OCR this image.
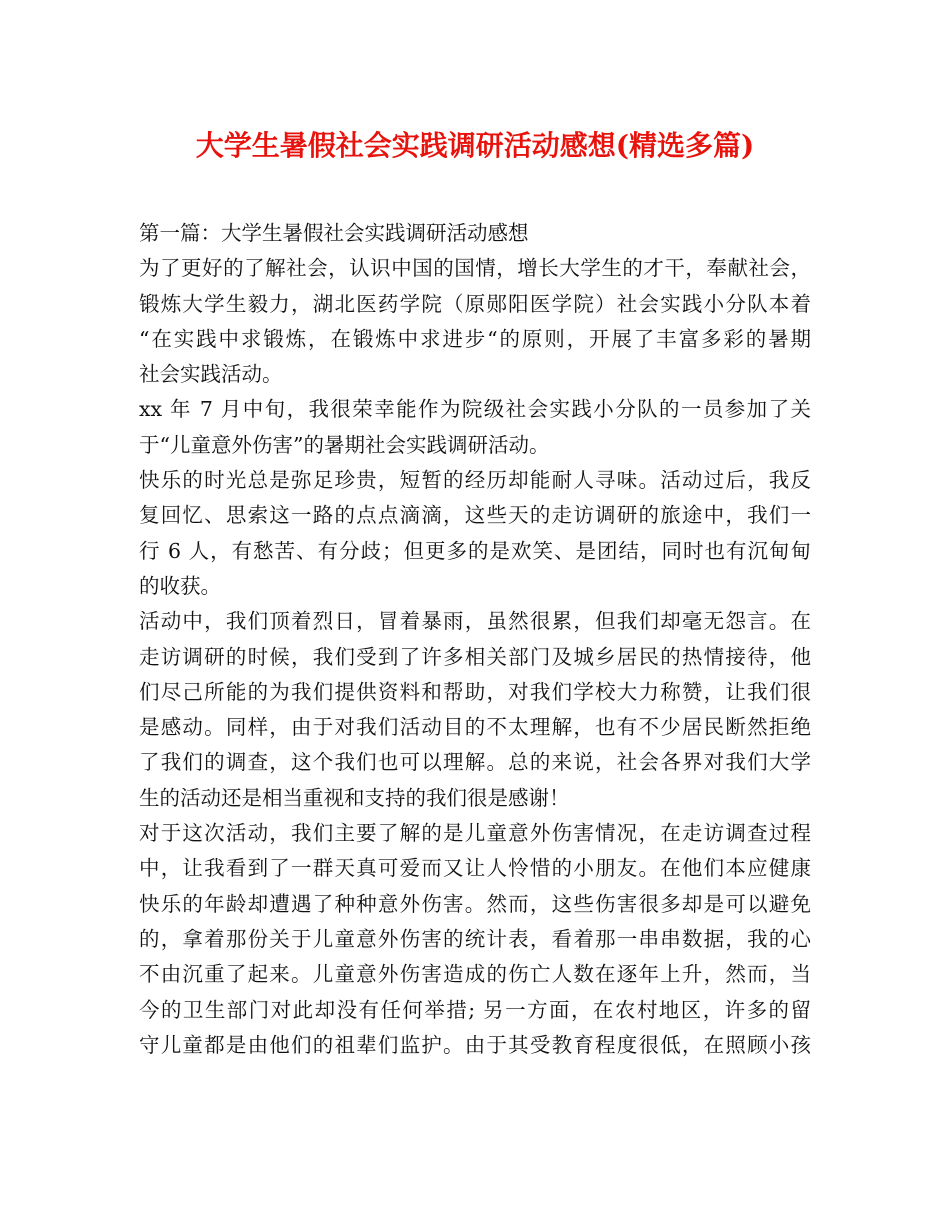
大学生暑假社会实践调研活动感想(精选多篇)
第一篇：大学生暑假社会实践调研活动感想
为了更好的了解社会，认识中国的国情，增长大学生的才干，奉献社会，
锻炼大学生毅力，湖北医药学院（原郧阳医学院）社会实践小分队本着
“在实践中求锻炼，在锻炼中求进步“的原则，开展了丰富多彩的暑期
社会实践活动。
xx 年 7 月中旬，我很荣幸能作为院级社会实践小分队的一员参加了关
于“儿童意外伤害”的暑期社会实践调研活动。
快乐的时光总是弥足珍贵，短暂的经历却能耐人寻味。活动过后，我反
复回忆、思索这一路的点点滴滴，这些天的走访调研的旅途中，我们一
行 6 人，有愁苦、有分歧；但更多的是欢笑、是团结，同时也有沉甸甸
的收获。
活动中，我们顶着烈日，冒着暴雨，虽然很累，但我们却毫无怨言。在
走访调研的时候，我们受到了许多相关部门及城乡居民的热情接待，他
们尽己所能的为我们提供资料和帮助，对我们学校大力称赞，让我们很
是感动。同样，由于对我们活动目的不太理解，也有不少居民断然拒绝
了我们的调查，这个我们也可以理解。总的来说，社会各界对我们大学
生的活动还是相当重视和支持的我们很是感谢！
对于这次活动，我们主要了解的是儿童意外伤害情况，在走访调查过程
中，让我看到了一群天真可爱而又让人怜惜的小朋友。在他们本应健康
快乐的年龄却遭遇了种种意外伤害。然而，这些伤害很多却是可以避免
的，拿着那份关于儿童意外伤害的统计表，看着那一串串数据，我的心
不由沉重了起来。儿童意外伤害造成的伤亡人数在逐年上升，然而，当
今的卫生部门对此却没有任何举措; 另一方面，在农村地区，许多的留
守儿童都是由他们的祖辈们监护。由于其受教育程度很低，在照顾小孩
